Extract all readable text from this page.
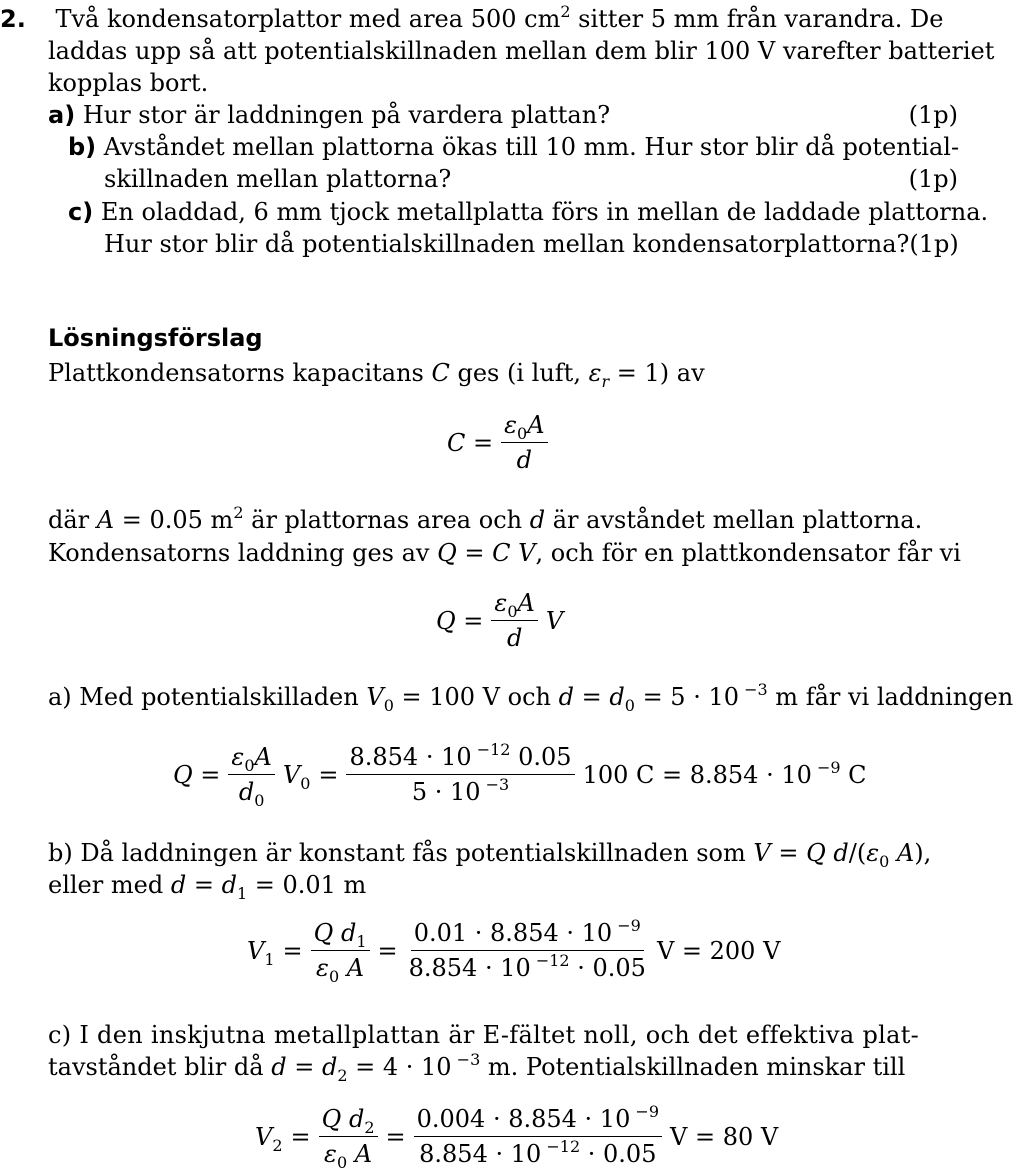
2. Två kondensatorplattor med area 500 $cm^2$ sitter 5 mm från varandra. De
laddas upp så att potentialskillnaden mellan dem blir 100 V varefter batteriet
kopplas bort.
a) Hur stor är laddningen på vardera plattan?	(1p)
b) Avståndet mellan plattorna ökas till 10 mm. Hur stor blir då potential-
skillnaden mellan plattorna?	(1p)
c) En oladdad, 6 mm tjock metallplatta förs in mellan de laddade plattorna.
Hur stor blir då potentialskillnaden mellan kondensatorplattorna? (1p)
Lösningsförslag
Plattkondensatorns kapacitans C ges (i luft, $\varepsilon_r = 1$) av
$C = \frac{\varepsilon_0A}{d}$
där A = 0.05 $m^2$ är plattornas area och d är avståndet mellan plattorna.
Kondensatorns laddning ges av Q = C V, och för en plattkondensator får vi
$Q = \frac{\varepsilon_0A}{d}$ V
a) Med potentialskilladen $V_0 = 100$ V och $d = d_0 = 5 \cdot 10$ $^{-3}$ m får vi laddningen
$Q = \frac{\varepsilon_0A}{d_0} V_0 = \frac{8.854 \cdot 10 ^{-12} 0.05}{5 \cdot 10 ^{-3}} 100$ C = 8.854 · 10 $^{-9}$ C
b) Då laddningen är konstant fås potentialskillnaden som V = Q $d/(\varepsilon_0$ A),
eller med $d = d_1 = 0.01$ m
$V_1 = \frac{Q d_1}{\varepsilon_0 A} = \frac{0.01 \cdot 8.854 \cdot 10 ^{-9}}{8.854 \cdot 10 ^{-12} \cdot 0.05}$ V = 200 V
c) I den inskjutna metallplattan är E-fältet noll, och det effektiva plat-
tavståndet blir då $d = d_2 = 4 \cdot 10$ $^{-3}$ m. Potentialskillnaden minskar till
$V_2 = \frac{Q d_2}{\varepsilon_0 A} = \frac{0.004 \cdot 8.854 \cdot 10 ^{-9}}{8.854 \cdot 10 ^{-12} \cdot 0.05}$ V = 80 V
